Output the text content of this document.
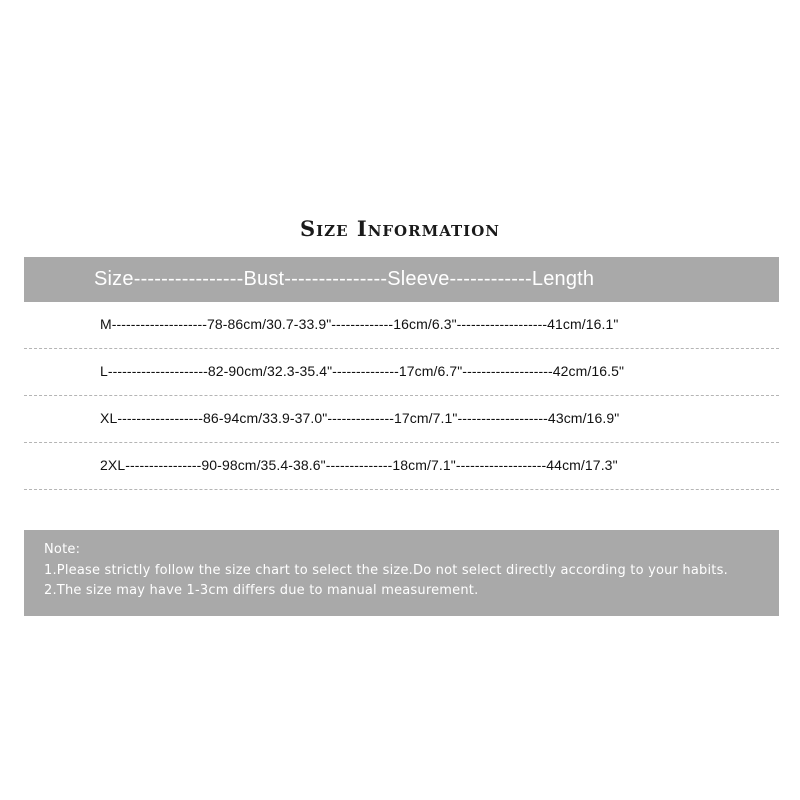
Size Information
Size----------------Bust---------------Sleeve------------Length
M--------------------78-86cm/30.7-33.9"-------------16cm/6.3"-------------------41cm/16.1"
L---------------------82-90cm/32.3-35.4"--------------17cm/6.7"-------------------42cm/16.5"
XL------------------86-94cm/33.9-37.0"--------------17cm/7.1"-------------------43cm/16.9"
2XL----------------90-98cm/35.4-38.6"--------------18cm/7.1"-------------------44cm/17.3"
Note:
1.Please strictly follow the size chart to select the size.Do not select directly according to your habits.
2.The size may have 1-3cm differs due to manual measurement.
